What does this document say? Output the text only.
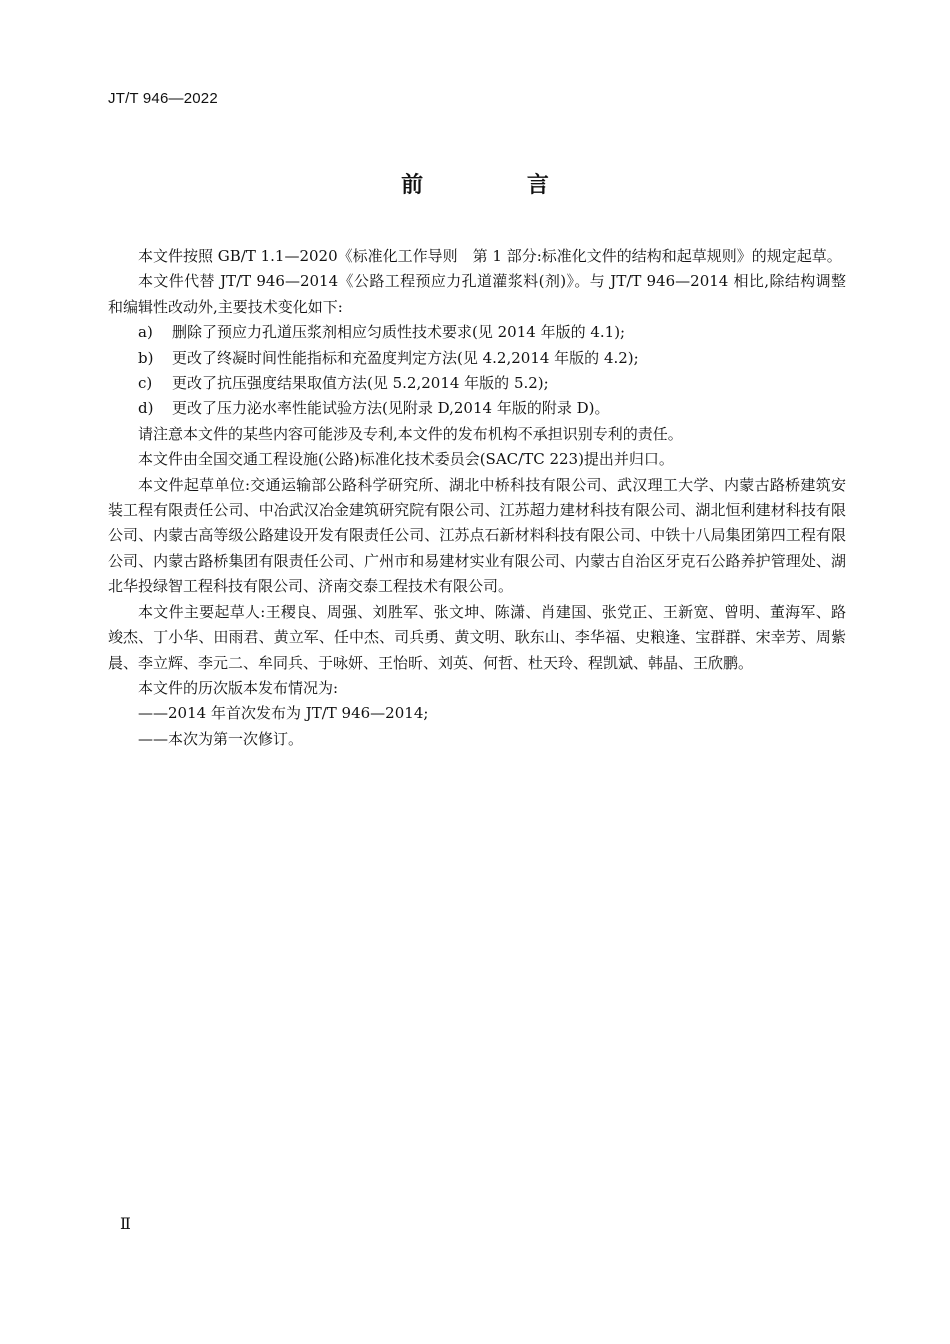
JT/T 946—2022
前 言

本文件按照 GB/T 1.1—2020《标准化工作导则　第 1 部分:标准化文件的结构和起草规则》的规定起草。

本文件代替 JT/T 946—2014《公路工程预应力孔道灌浆料(剂)》。与 JT/T 946—2014 相比,除结构调整和编辑性改动外,主要技术变化如下:

a)	删除了预应力孔道压浆剂相应匀质性技术要求(见 2014 年版的 4.1);
b)	更改了终凝时间性能指标和充盈度判定方法(见 4.2,2014 年版的 4.2);
c)	更改了抗压强度结果取值方法(见 5.2,2014 年版的 5.2);
d)	更改了压力泌水率性能试验方法(见附录 D,2014 年版的附录 D)。

请注意本文件的某些内容可能涉及专利,本文件的发布机构不承担识别专利的责任。

本文件由全国交通工程设施(公路)标准化技术委员会(SAC/TC 223)提出并归口。

本文件起草单位:交通运输部公路科学研究所、湖北中桥科技有限公司、武汉理工大学、内蒙古路桥建筑安装工程有限责任公司、中冶武汉冶金建筑研究院有限公司、江苏超力建材科技有限公司、湖北恒利建材科技有限公司、内蒙古高等级公路建设开发有限责任公司、江苏点石新材料科技有限公司、中铁十八局集团第四工程有限公司、内蒙古路桥集团有限责任公司、广州市和易建材实业有限公司、内蒙古自治区牙克石公路养护管理处、湖北华投绿智工程科技有限公司、济南交泰工程技术有限公司。

本文件主要起草人:王稷良、周强、刘胜军、张文坤、陈潇、肖建国、张党正、王新宽、曾明、董海军、路竣杰、丁小华、田雨君、黄立军、任中杰、司兵勇、黄文明、耿东山、李华福、史粮逢、宝群群、宋幸芳、周紫晨、李立辉、李元二、牟同兵、于咏妍、王怡昕、刘英、何哲、杜天玲、程凯斌、韩晶、王欣鹏。

本文件的历次版本发布情况为:

——2014 年首次发布为 JT/T 946—2014;

——本次为第一次修订。

Ⅱ
